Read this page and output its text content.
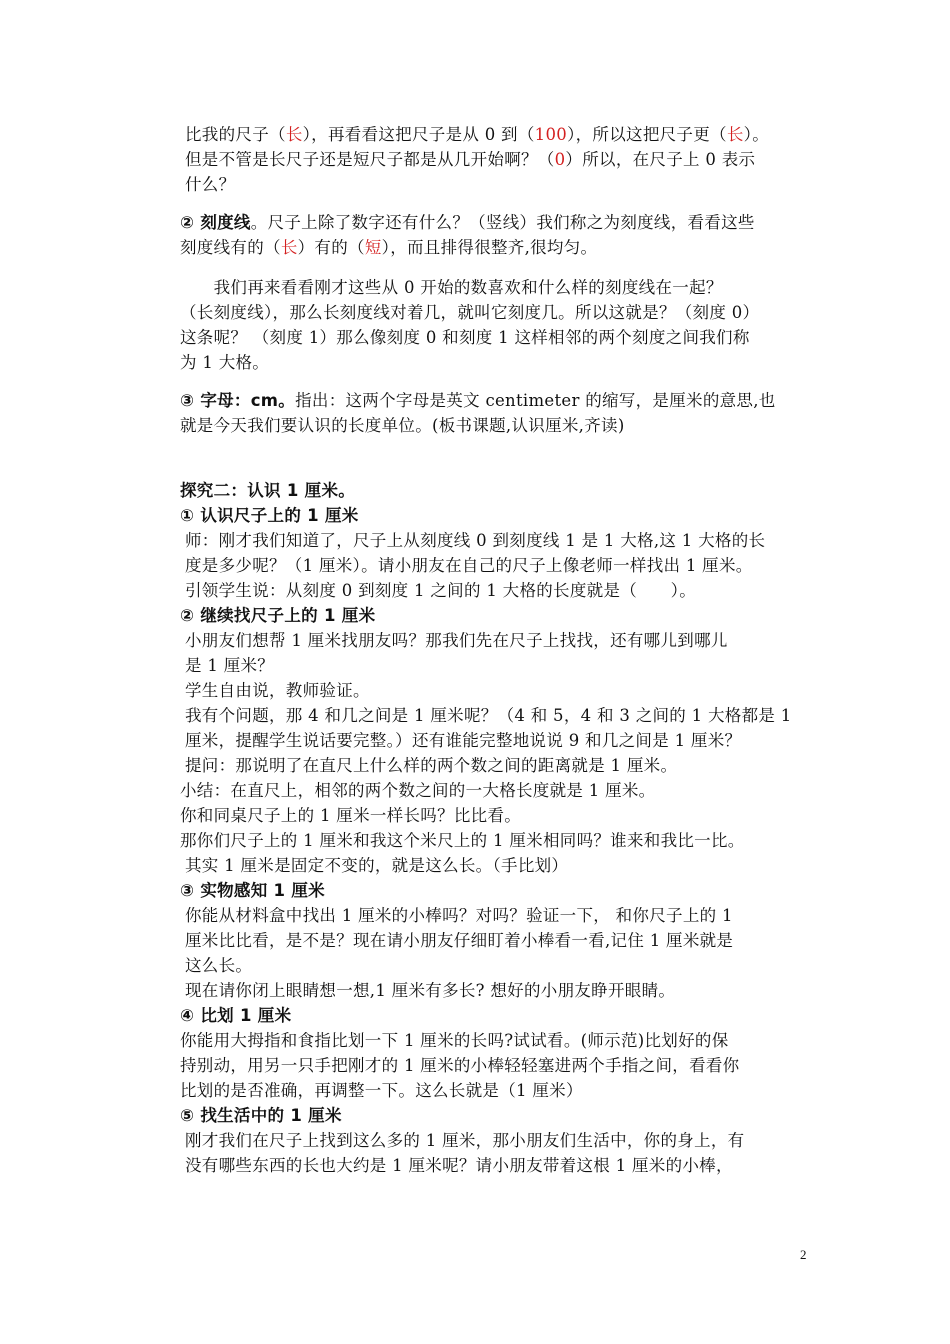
比我的尺子（长），再看看这把尺子是从 0 到（100），所以这把尺子更（长）。
但是不管是长尺子还是短尺子都是从几开始啊？（0）所以，在尺子上 0 表示
什么？
② 刻度线。尺子上除了数字还有什么？（竖线）我们称之为刻度线，看看这些
刻度线有的（长）有的（短），而且排得很整齐,很均匀。
　　我们再来看看刚才这些从 0 开始的数喜欢和什么样的刻度线在一起？
（长刻度线），那么长刻度线对着几，就叫它刻度几。所以这就是？（刻度 0）
这条呢？ （刻度 1）那么像刻度 0 和刻度 1 这样相邻的两个刻度之间我们称
为 1 大格。
③ 字母：cm。指出：这两个字母是英文 centimeter 的缩写，是厘米的意思,也
就是今天我们要认识的长度单位。(板书课题,认识厘米,齐读)
探究二：认识 1 厘米。
① 认识尺子上的 1 厘米
师：刚才我们知道了，尺子上从刻度线 0 到刻度线 1 是 1 大格,这 1 大格的长
度是多少呢？（1 厘米）。请小朋友在自己的尺子上像老师一样找出 1 厘米。
引领学生说：从刻度 0 到刻度 1 之间的 1 大格的长度就是（　　）。
② 继续找尺子上的 1 厘米
小朋友们想帮 1 厘米找朋友吗？那我们先在尺子上找找，还有哪儿到哪儿
是 1 厘米？
学生自由说，教师验证。
我有个问题，那 4 和几之间是 1 厘米呢？（4 和 5，4 和 3 之间的 1 大格都是 1
厘米，提醒学生说话要完整。）还有谁能完整地说说 9 和几之间是 1 厘米？
提问：那说明了在直尺上什么样的两个数之间的距离就是 1 厘米。
小结：在直尺上，相邻的两个数之间的一大格长度就是 1 厘米。
你和同桌尺子上的 1 厘米一样长吗？比比看。
那你们尺子上的 1 厘米和我这个米尺上的 1 厘米相同吗？谁来和我比一比。
其实 1 厘米是固定不变的，就是这么长。（手比划）
③ 实物感知 1 厘米
你能从材料盒中找出 1 厘米的小棒吗？对吗？验证一下， 和你尺子上的 1
厘米比比看，是不是？现在请小朋友仔细盯着小棒看一看,记住 1 厘米就是
这么长。
现在请你闭上眼睛想一想,1 厘米有多长? 想好的小朋友睁开眼睛。
④ 比划 1 厘米
你能用大拇指和食指比划一下 1 厘米的长吗?试试看。(师示范)比划好的保
持别动，用另一只手把刚才的 1 厘米的小棒轻轻塞进两个手指之间，看看你
比划的是否准确，再调整一下。这么长就是（1 厘米）
⑤ 找生活中的 1 厘米
刚才我们在尺子上找到这么多的 1 厘米，那小朋友们生活中，你的身上，有
没有哪些东西的长也大约是 1 厘米呢？请小朋友带着这根 1 厘米的小棒，
2
